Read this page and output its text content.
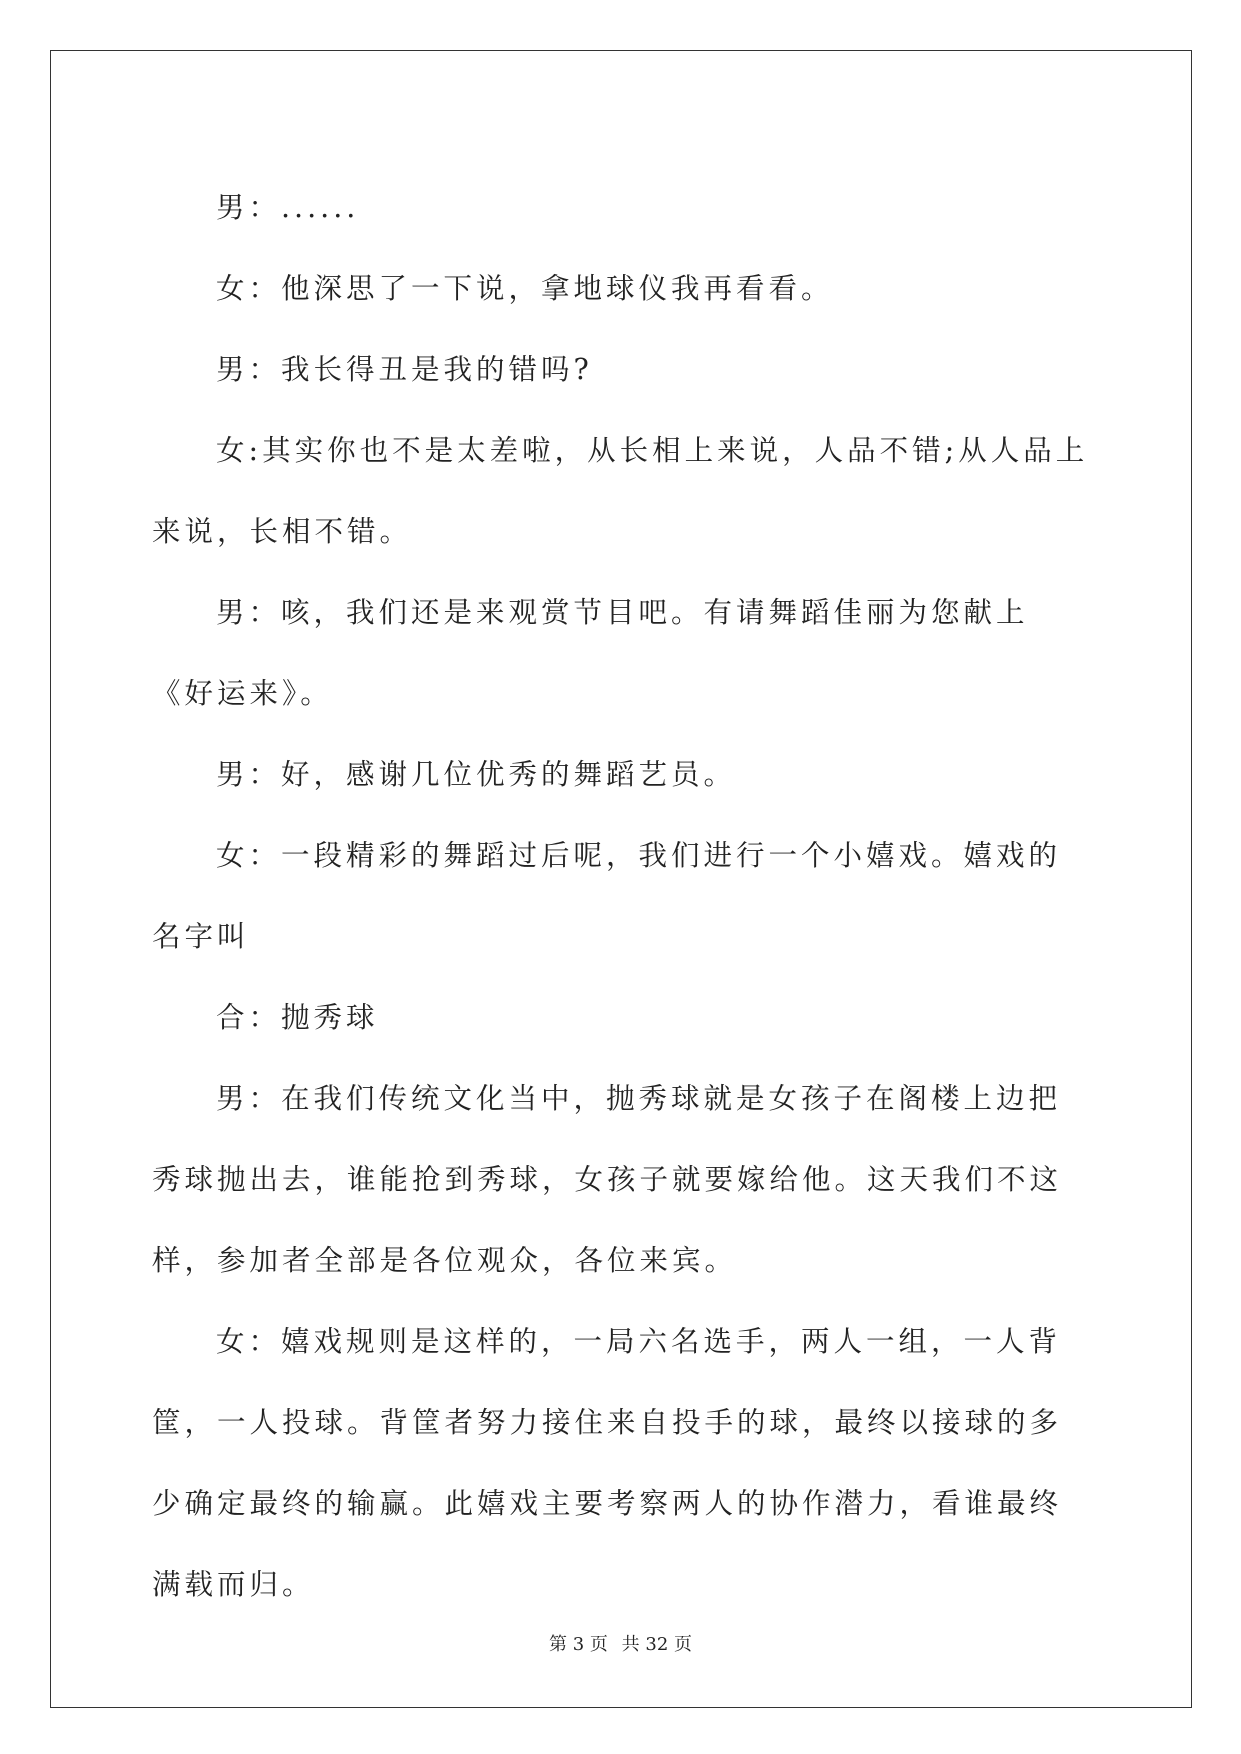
男：......

女：他深思了一下说，拿地球仪我再看看。

男：我长得丑是我的错吗?

女:其实你也不是太差啦，从长相上来说，人品不错;从人品上来说，长相不错。

男：咳，我们还是来观赏节目吧。有请舞蹈佳丽为您献上《好运来》。

男：好，感谢几位优秀的舞蹈艺员。

女：一段精彩的舞蹈过后呢，我们进行一个小嬉戏。嬉戏的名字叫

合：抛秀球

男：在我们传统文化当中，抛秀球就是女孩子在阁楼上边把秀球抛出去，谁能抢到秀球，女孩子就要嫁给他。这天我们不这样，参加者全部是各位观众，各位来宾。

女：嬉戏规则是这样的，一局六名选手，两人一组，一人背筐，一人投球。背筐者努力接住来自投手的球，最终以接球的多少确定最终的输赢。此嬉戏主要考察两人的协作潜力，看谁最终满载而归。

第 3 页 共 32 页
